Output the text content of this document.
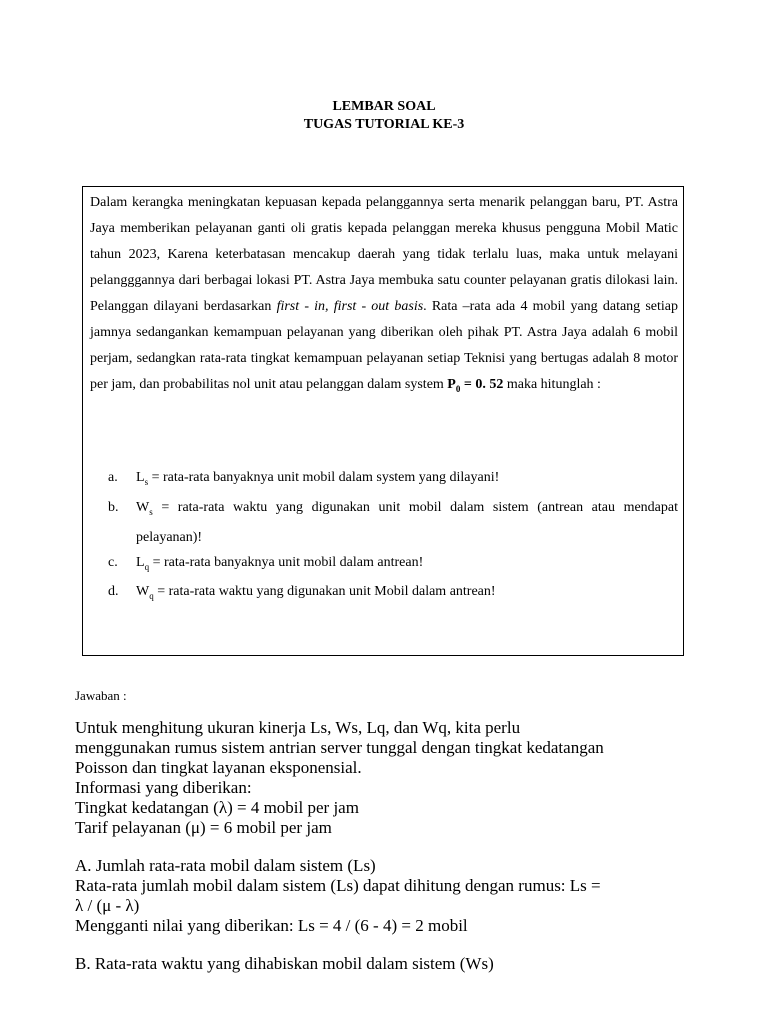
LEMBAR SOAL
TUGAS TUTORIAL KE-3
Dalam kerangka meningkatan kepuasan kepada pelanggannya serta menarik pelanggan baru, PT. Astra Jaya memberikan pelayanan ganti oli gratis kepada pelanggan mereka khusus pengguna Mobil Matic tahun 2023, Karena keterbatasan mencakup daerah yang tidak terlalu luas, maka untuk melayani pelangggannya dari berbagai lokasi PT. Astra Jaya membuka satu counter pelayanan gratis dilokasi lain. Pelanggan dilayani berdasarkan first - in, first - out basis. Rata –rata ada 4 mobil yang datang setiap jamnya sedangankan kemampuan pelayanan yang diberikan oleh pihak PT. Astra Jaya adalah 6 mobil perjam, sedangkan rata-rata tingkat kemampuan pelayanan setiap Teknisi yang bertugas adalah 8 motor per jam, dan probabilitas nol unit atau pelanggan dalam system $P_0 = 0$. 52 maka hitunglah :
a.	$L_s$ = rata-rata banyaknya unit mobil dalam system yang dilayani!
b.	$W_s$ = rata-rata waktu yang digunakan unit mobil dalam sistem (antrean atau mendapat pelayanan)!
c.	$L_q$ = rata-rata banyaknya unit mobil dalam antrean!
d.	$W_q$ = rata-rata waktu yang digunakan unit Mobil dalam antrean!
Jawaban :
Untuk menghitung ukuran kinerja Ls, Ws, Lq, dan Wq, kita perlu
menggunakan rumus sistem antrian server tunggal dengan tingkat kedatangan
Poisson dan tingkat layanan eksponensial.
Informasi yang diberikan:
Tingkat kedatangan (λ) = 4 mobil per jam
Tarif pelayanan (μ) = 6 mobil per jam
A. Jumlah rata-rata mobil dalam sistem (Ls)
Rata-rata jumlah mobil dalam sistem (Ls) dapat dihitung dengan rumus: Ls =
λ / (μ - λ)
Mengganti nilai yang diberikan: Ls = 4 / (6 - 4) = 2 mobil
B. Rata-rata waktu yang dihabiskan mobil dalam sistem (Ws)
